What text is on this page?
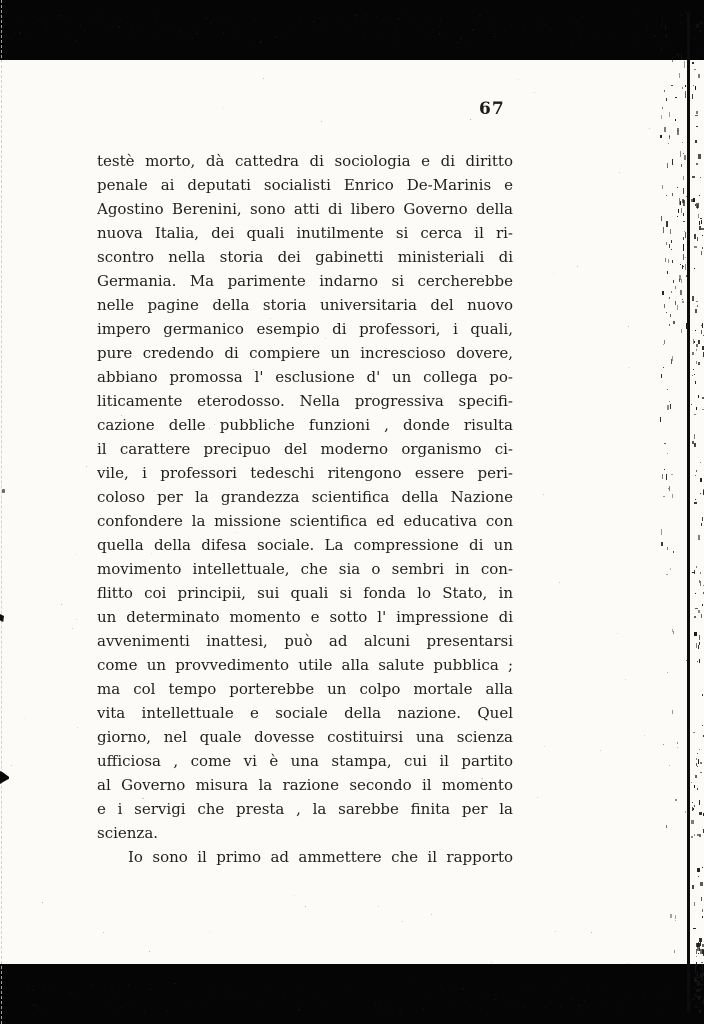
67
testè morto, dà cattedra di sociologia e di diritto
penale ai deputati socialisti Enrico De-Marinis e
Agostino Berenini, sono atti di libero Governo della
nuova Italia, dei quali inutilmente si cerca il ri-
scontro nella storia dei gabinetti ministeriali di
Germania. Ma parimente indarno si cercherebbe
nelle pagine della storia universitaria del nuovo
impero germanico esempio di professori, i quali,
pure credendo di compiere un increscioso dovere,
abbiano promossa l' esclusione d' un collega po-
liticamente eterodosso. Nella progressiva specifi-
cazione delle pubbliche funzioni , donde risulta
il carattere precipuo del moderno organismo ci-
vile, i professori tedeschi ritengono essere peri-
coloso per la grandezza scientifica della Nazione
confondere la missione scientifica ed educativa con
quella della difesa sociale. La compressione di un
movimento intellettuale, che sia o sembri in con-
flitto coi principii, sui quali si fonda lo Stato, in
un determinato momento e sotto l' impressione di
avvenimenti inattesi, può ad alcuni presentarsi
come un provvedimento utile alla salute pubblica ;
ma col tempo porterebbe un colpo mortale alla
vita intellettuale e sociale della nazione. Quel
giorno, nel quale dovesse costituirsi una scienza
ufficiosa , come vi è una stampa, cui il partito
al Governo misura la razione secondo il momento
e i servigi che presta , la sarebbe finita per la
scienza.
Io sono il primo ad ammettere che il rapporto
